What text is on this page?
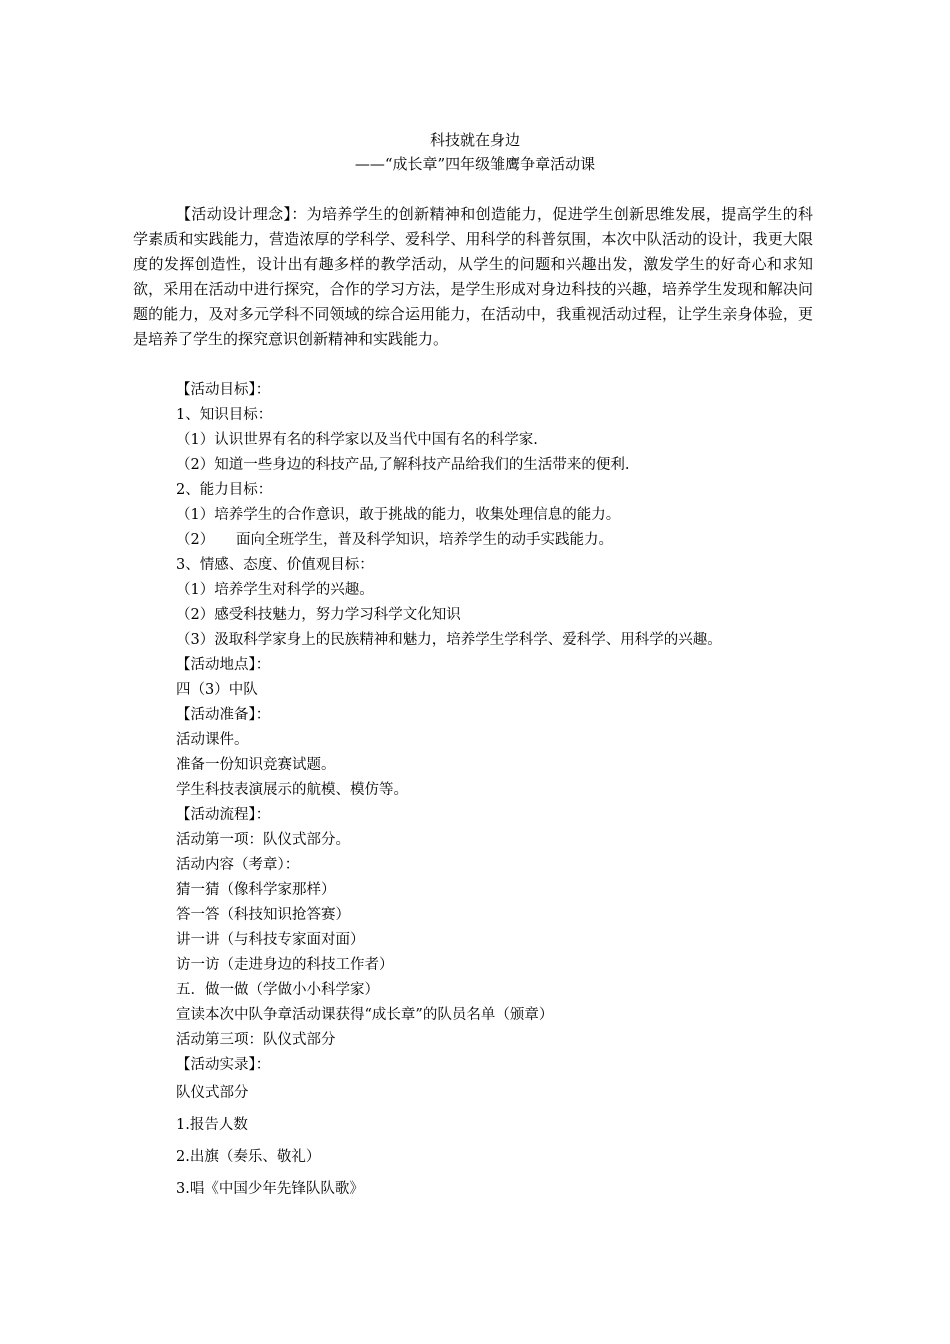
科技就在身边
——“成长章”四年级雏鹰争章活动课
【活动设计理念】：为培养学生的创新精神和创造能力，促进学生创新思维发展，提高学生的科学素质和实践能力，营造浓厚的学科学、爱科学、用科学的科普氛围，本次中队活动的设计，我更大限度的发挥创造性，设计出有趣多样的教学活动，从学生的问题和兴趣出发，激发学生的好奇心和求知欲，采用在活动中进行探究，合作的学习方法，是学生形成对身边科技的兴趣，培养学生发现和解决问题的能力，及对多元学科不同领域的综合运用能力，在活动中，我重视活动过程，让学生亲身体验，更是培养了学生的探究意识创新精神和实践能力。
【活动目标】：
1、知识目标：
（1）认识世界有名的科学家以及当代中国有名的科学家.
（2）知道一些身边的科技产品,了解科技产品给我们的生活带来的便利.
2、能力目标：
（1）培养学生的合作意识，敢于挑战的能力，收集处理信息的能力。
（2）　　面向全班学生，普及科学知识，培养学生的动手实践能力。
3、情感、态度、价值观目标：
（1）培养学生对科学的兴趣。
（2）感受科技魅力，努力学习科学文化知识
（3）汲取科学家身上的民族精神和魅力，培养学生学科学、爱科学、用科学的兴趣。
【活动地点】：
四（3）中队
【活动准备】：
活动课件。
准备一份知识竞赛试题。
学生科技表演展示的航模、模仿等。
【活动流程】：
活动第一项：队仪式部分。
活动内容（考章）：
猜一猜（像科学家那样）
答一答（科技知识抢答赛）
讲一讲（与科技专家面对面）
访一访（走进身边的科技工作者）
五．做一做（学做小小科学家）
宣读本次中队争章活动课获得“成长章”的队员名单（颁章）
活动第三项：队仪式部分
【活动实录】：
队仪式部分
1.报告人数
2.出旗（奏乐、敬礼）
3.唱《中国少年先锋队队歌》
